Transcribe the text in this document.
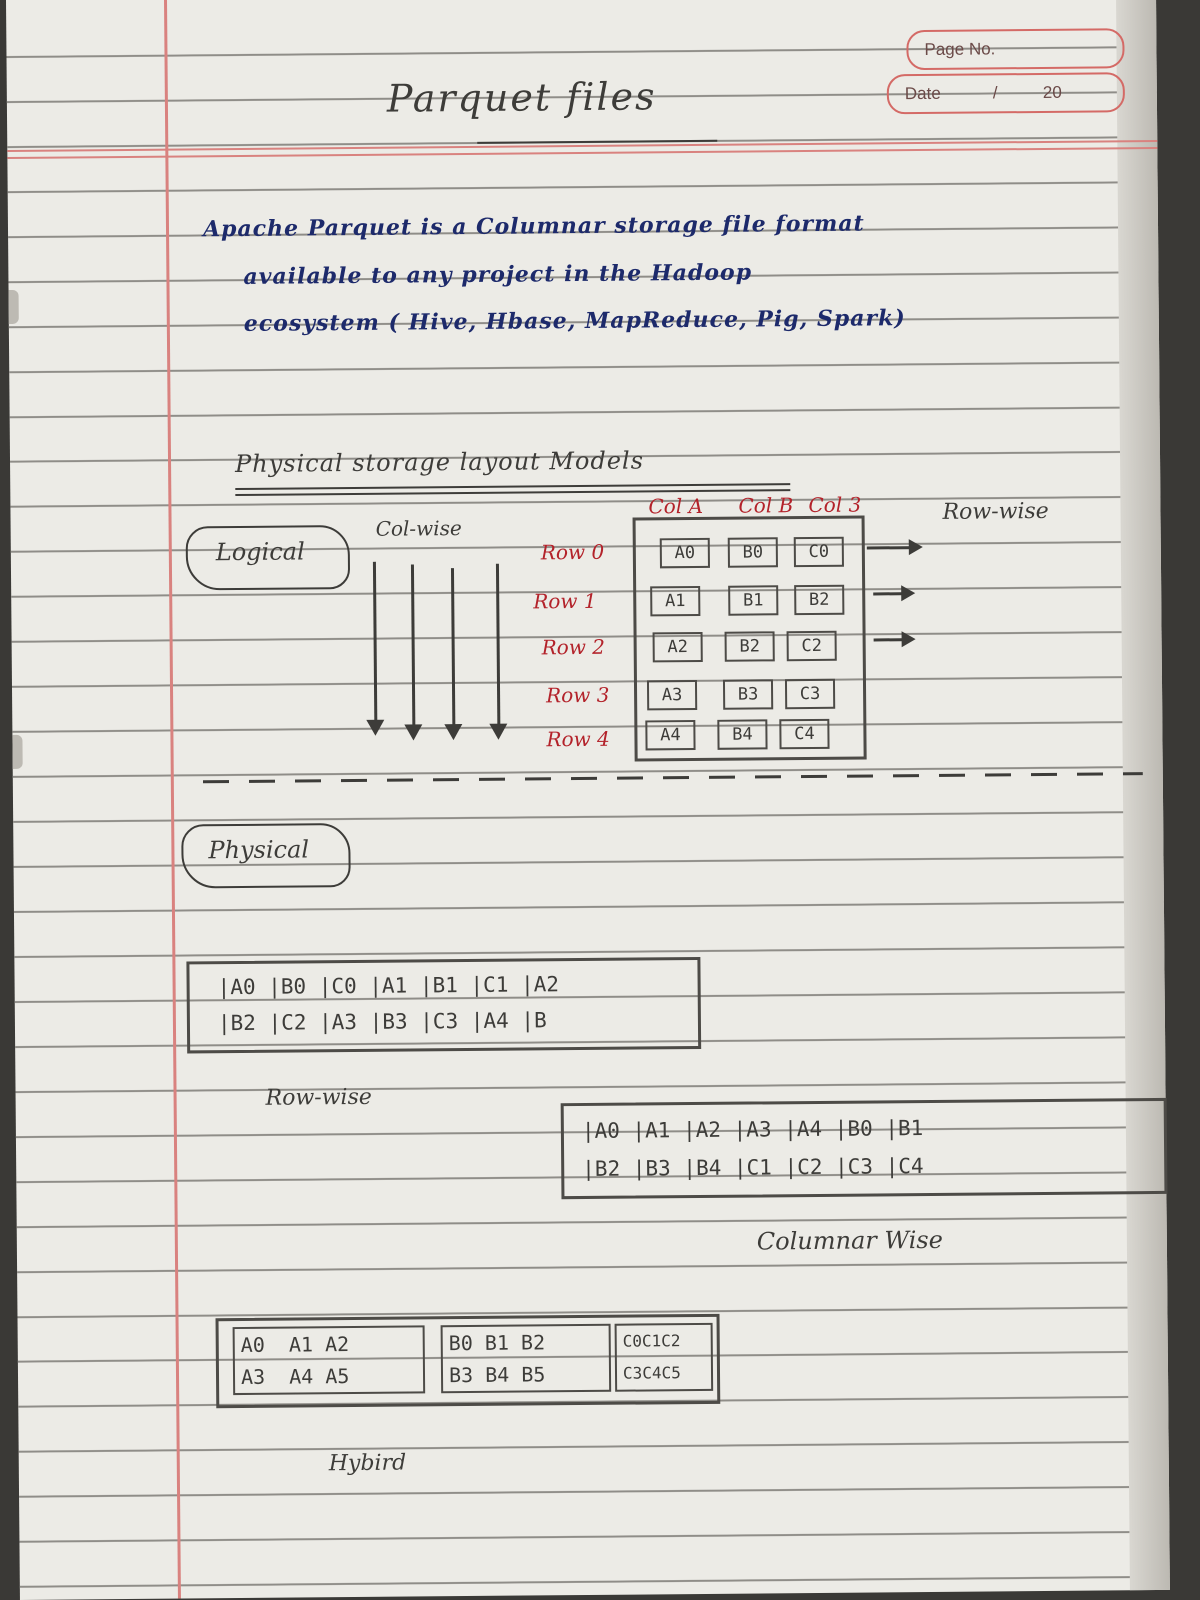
Page No.
Date	/	20
Parquet files
Apache Parquet is a Columnar storage file format
available to any project in the Hadoop
ecosystem ( Hive, Hbase, MapReduce, Pig, Spark)
Physical storage layout Models
Logical
Col-wise
Col A Col B Col 3
Row 0
Row 1
Row 2
Row 3
Row 4
A0	B0	C0
A1	B1	B2
A2	B2	C2
A3	B3	C3
A4	B4	C4
Row-wise
Physical
|A0 |B0 |C0 |A1 |B1 |C1 |A2
|B2 |C2 |A3 |B3 |C3 |A4 |B
Row-wise
|A0 |A1 |A2 |A3 |A4 |B0 |B1
|B2 |B3 |B4 |C1 |C2 |C3 |C4
Columnar Wise
A0  A1 A2
A3  A4 A5
B0 B1 B2
B3 B4 B5
C0C1C2
C3C4C5
Hybird
